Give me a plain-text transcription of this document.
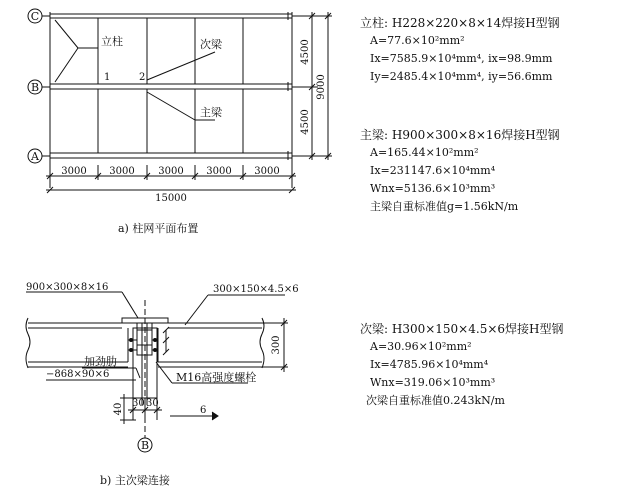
C
B
A
立柱	次梁
主梁
1	2
3000 3000 3000 3000 3000
15000
4500
4500
9000
a) 柱网平面布置
900×300×8×16	300×150×4.5×6
加劲肋
−868×90×6	M16高强度螺栓
300
30 30
40	6
B
b) 主次梁连接
立柱: H228×220×8×14焊接H型钢
A=77.6×10²mm²
Ix=7585.9×10⁴mm⁴, ix=98.9mm
Iy=2485.4×10⁴mm⁴, iy=56.6mm
主梁: H900×300×8×16焊接H型钢
A=165.44×10²mm²
Ix=231147.6×10⁴mm⁴
Wnx=5136.6×10³mm³
主梁自重标准值g=1.56kN/m
次梁: H300×150×4.5×6焊接H型钢
A=30.96×10²mm²
Ix=4785.96×10⁴mm⁴
Wnx=319.06×10³mm³
次梁自重标准值0.243kN/m
